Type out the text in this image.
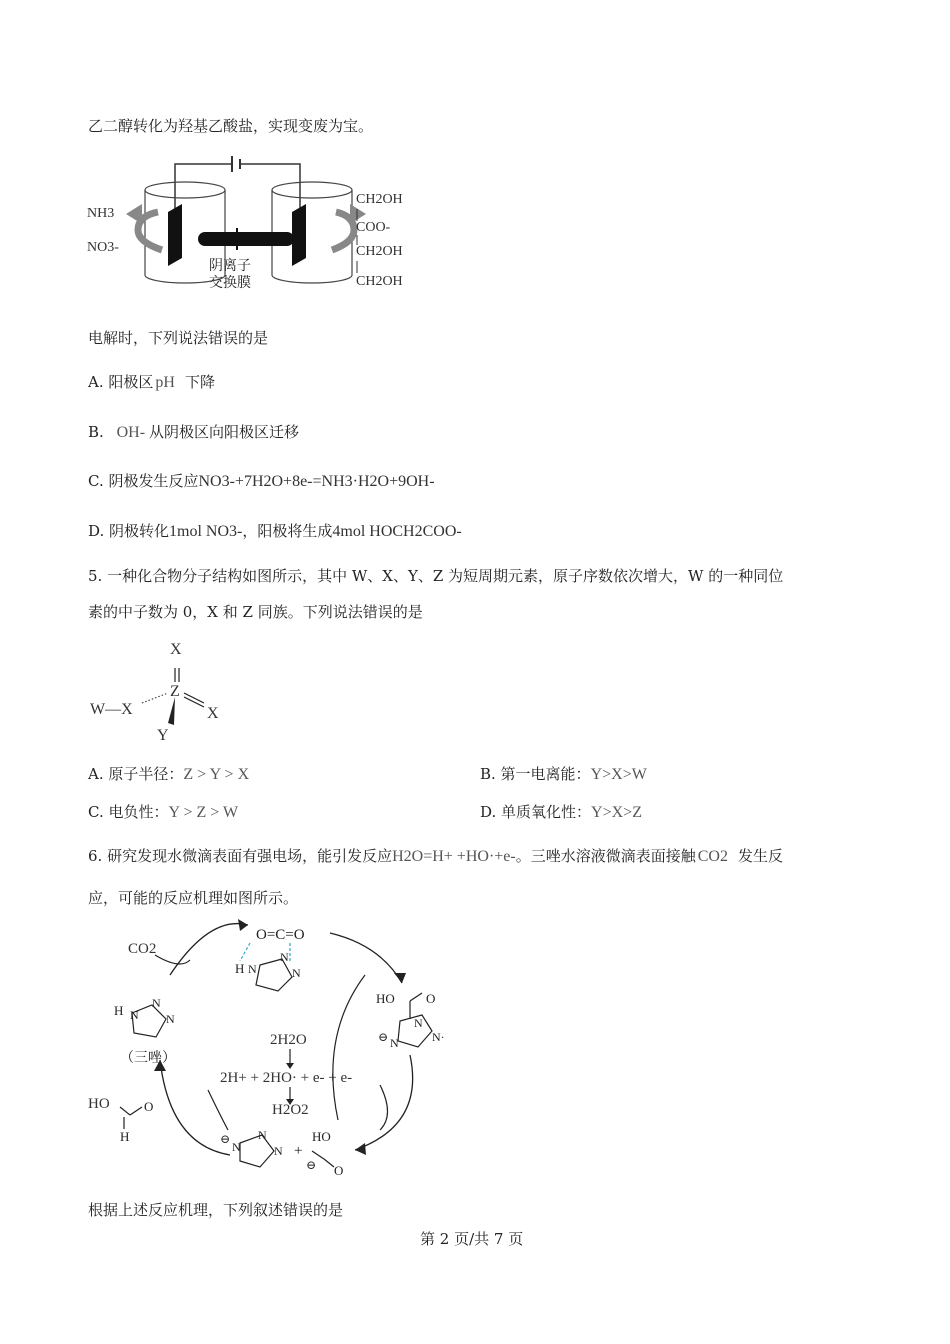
乙二醇转化为羟基乙酸盐，实现变废为宝。
NH3
NO3-
阴离子
交换膜
CH2OH
COO-
CH2OH
CH2OH
电解时，下列说法错误的是
A. 阳极区 pH 下降
B. OH- 从阴极区向阳极区迁移
C. 阴极发生反应NO3-+7H2O+8e-=NH3·H2O+9OH-
D. 阴极转化1mol NO3-，阳极将生成4mol HOCH2COO-
5. 一种化合物分子结构如图所示，其中 W、X、Y、Z 为短周期元素，原子序数依次增大，W 的一种同位
素的中子数为 0，X 和 Z 同族。下列说法错误的是
X
Z
W—X	X
Y
A. 原子半径：Z > Y > X	B. 第一电离能：Y>X>W
C. 电负性：Y > Z > W	D. 单质氧化性：Y>X>Z
6. 研究发现水微滴表面有强电场，能引发反应H2O=H+ +HO·+e-。三唑水溶液微滴表面接触 CO2 发生反
应，可能的反应机理如图所示。
O=C=O
H N
N
N
H N
N
N
HO O
⊖ N
N
N·
⊖
N
N
N +
HO
⊖ O
O
H
CO2
（三唑）
2H2O
2H+ + 2HO· + e- + e-
H2O2
HO
根据上述反应机理，下列叙述错误的是
第 2 页/共 7 页
